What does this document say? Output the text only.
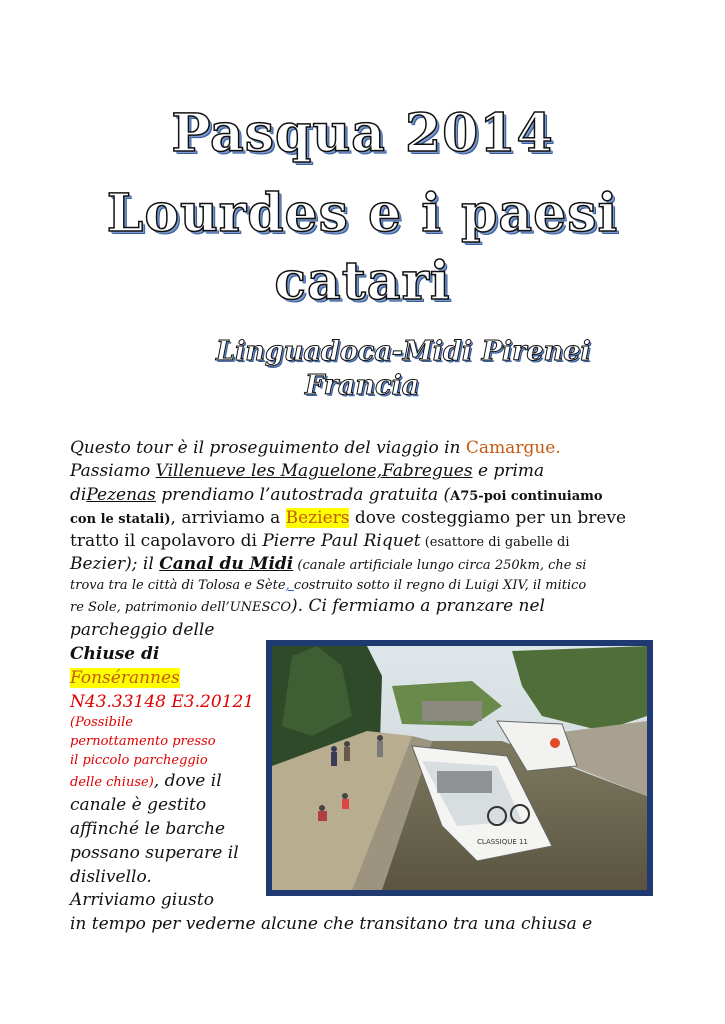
Pasqua 2014
Lourdes e i paesi
catari
Linguadoca-Midi Pirenei
Francia
Questo tour è il proseguimento del viaggio in Camargue.
Passiamo Villenueve les Maguelone,Fabregues e prima
diPezenas prendiamo l’autostrada gratuita (A75-poi continuiamo
con le statali), arriviamo a Beziers dove costeggiamo per un breve
tratto il capolavoro di Pierre Paul Riquet (esattore di gabelle di
Bezier); il Canal du Midi (canale artificiale lungo circa 250km, che si
trova tra le città di Tolosa e Sète, costruito sotto il regno di Luigi XIV, il mitico
re Sole, patrimonio dell’UNESCO). Ci fermiamo a pranzare nel
parcheggio delle
Chiuse di
Fonsérannes
N43.33148 E3.20121
(Possibile
pernottamento presso
il piccolo parcheggio
delle chiuse), dove il
canale è gestito
affinché le barche
possano superare il
dislivello.
Arriviamo giusto
in tempo per vederne alcune che transitano tra una chiusa e
CLASSIQUE 11
